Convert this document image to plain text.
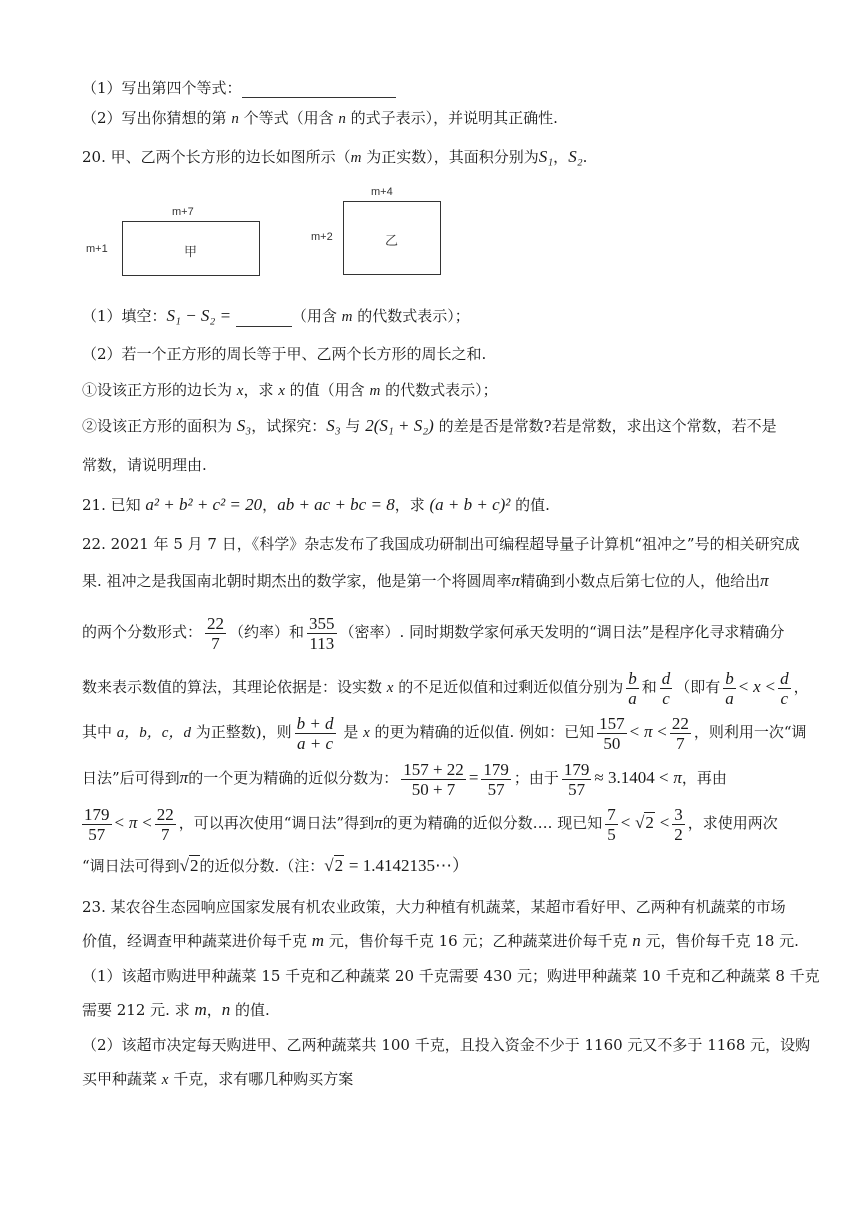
（1）写出第四个等式：
（2）写出你猜想的第 n 个等式（用含 n 的式子表示），并说明其正确性.
20. 甲、乙两个长方形的边长如图所示（m 为正实数），其面积分别为S₁，S₂.
m+7
m+1	甲
m+4
m+2	乙
（1）填空：S₁ − S₂ =	（用含 m 的代数式表示）；
（2）若一个正方形的周长等于甲、乙两个长方形的周长之和.
①设该正方形的边长为 x，求 x 的值（用含 m 的代数式表示）；
②设该正方形的面积为 S₃，试探究：S₃ 与 2(S₁ + S₂) 的差是否是常数?若是常数，求出这个常数，若不是
常数，请说明理由.
21. 已知 a² + b² + c² = 20，ab + ac + bc = 8，求 (a + b + c)² 的值.
22. 2021 年 5 月 7 日，《科学》杂志发布了我国成功研制出可编程超导量子计算机“祖冲之”号的相关研究成
果. 祖冲之是我国南北朝时期杰出的数学家，他是第一个将圆周率π精确到小数点后第七位的人，他给出π
的两个分数形式： $\frac{22}{7}$ （约率）和 $\frac{355}{113}$ （密率）. 同时期数学家何承天发明的“调日法”是程序化寻求精确分
数来表示数值的算法，其理论依据是：设实数 x 的不足近似值和过剩近似值分别为 $\frac{b}{a}$ 和 $\frac{d}{c}$ （即有 $\frac{b}{a} < x < \frac{d}{c}$ ，
其中 a，b，c，d 为正整数)，则 $\frac{b + d}{a + c}$ 是 x 的更为精确的近似值. 例如：已知 $\frac{157}{50} < \pi < \frac{22}{7}$ ，则利用一次“调
日法”后可得到π的一个更为精确的近似分数为： $\frac{157 + 22}{50 + 7} = \frac{179}{57}$ ；由于 $\frac{179}{57} \approx 3.1404 < \pi$，再由
$\frac{179}{57} < \pi < \frac{22}{7}$ ，可以再次使用“调日法”得到π的更为精确的近似分数…. 现已知 $\frac{7}{5} < √2 < \frac{3}{2}$ ，求使用两次
“调日法可得到√2的近似分数.（注：√2 = 1.4142135⋯）
23. 某农谷生态园响应国家发展有机农业政策，大力种植有机蔬菜，某超市看好甲、乙两种有机蔬菜的市场
价值，经调查甲种蔬菜进价每千克 m 元，售价每千克 16 元；乙种蔬菜进价每千克 n 元，售价每千克 18 元.
（1）该超市购进甲种蔬菜 15 千克和乙种蔬菜 20 千克需要 430 元；购进甲种蔬菜 10 千克和乙种蔬菜 8 千克
需要 212 元. 求 m，n 的值.
（2）该超市决定每天购进甲、乙两种蔬菜共 100 千克，且投入资金不少于 1160 元又不多于 1168 元，设购
买甲种蔬菜 x 千克，求有哪几种购买方案
